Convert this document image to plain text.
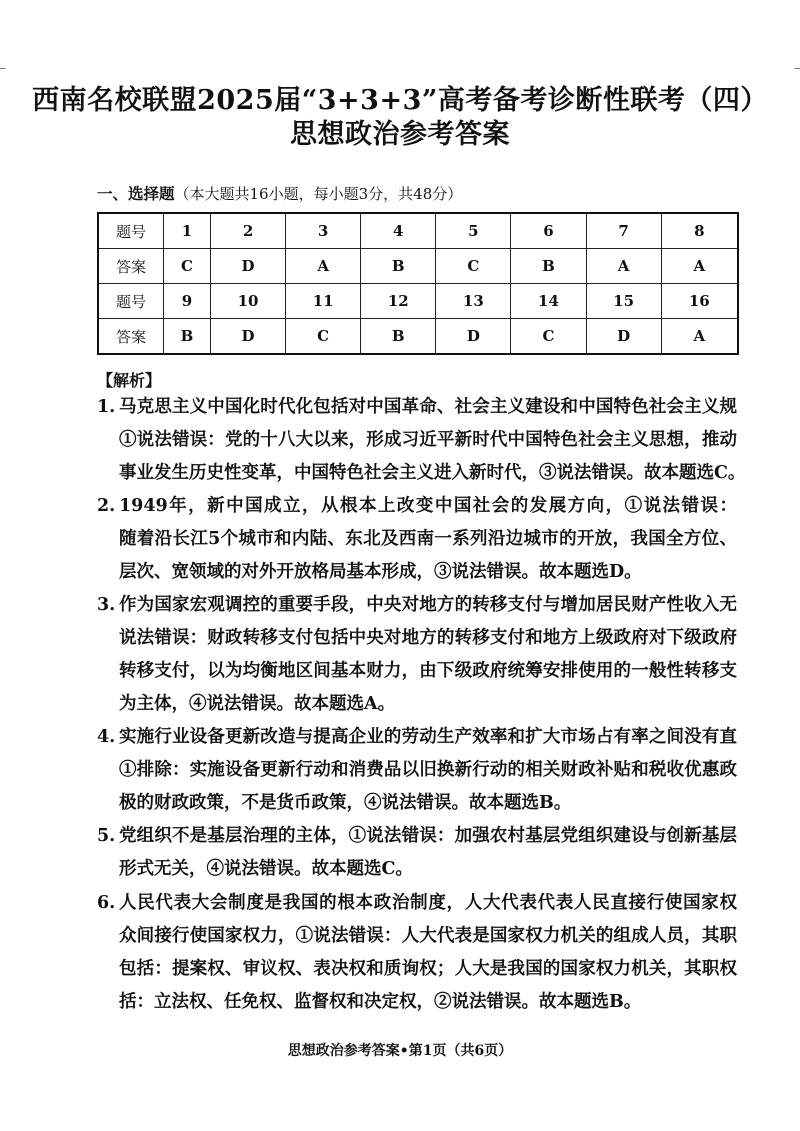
西南名校联盟2025届“3+3+3”高考备考诊断性联考（四）
思想政治参考答案
一、选择题（本大题共16小题，每小题3分，共48分）
题号	1	2	3	4	5	6	7	8
答案	C	D	A	B	C	B	A	A
题号	9	10	11	12	13	14	15	16
答案	B	D	C	B	D	C	D	A
【解析】
1. 马克思主义中国化时代化包括对中国革命、社会主义建设和中国特色社会主义规
①说法错误：党的十八大以来，形成习近平新时代中国特色社会主义思想，推动
事业发生历史性变革，中国特色社会主义进入新时代，③说法错误。故本题选C。
2. 1949年，新中国成立，从根本上改变中国社会的发展方向，①说法错误：
随着沿长江5个城市和内陆、东北及西南一系列沿边城市的开放，我国全方位、
层次、宽领域的对外开放格局基本形成，③说法错误。故本题选D。
3. 作为国家宏观调控的重要手段，中央对地方的转移支付与增加居民财产性收入无
说法错误：财政转移支付包括中央对地方的转移支付和地方上级政府对下级政府
转移支付，以为均衡地区间基本财力，由下级政府统筹安排使用的一般性转移支
为主体，④说法错误。故本题选A。
4. 实施行业设备更新改造与提高企业的劳动生产效率和扩大市场占有率之间没有直
①排除：实施设备更新行动和消费品以旧换新行动的相关财政补贴和税收优惠政
极的财政政策，不是货币政策，④说法错误。故本题选B。
5. 党组织不是基层治理的主体，①说法错误：加强农村基层党组织建设与创新基层
形式无关，④说法错误。故本题选C。
6. 人民代表大会制度是我国的根本政治制度，人大代表代表人民直接行使国家权
众间接行使国家权力，①说法错误：人大代表是国家权力机关的组成人员，其职
包括：提案权、审议权、表决权和质询权；人大是我国的国家权力机关，其职权
括：立法权、任免权、监督权和决定权，②说法错误。故本题选B。
思想政治参考答案•第1页（共6页）
